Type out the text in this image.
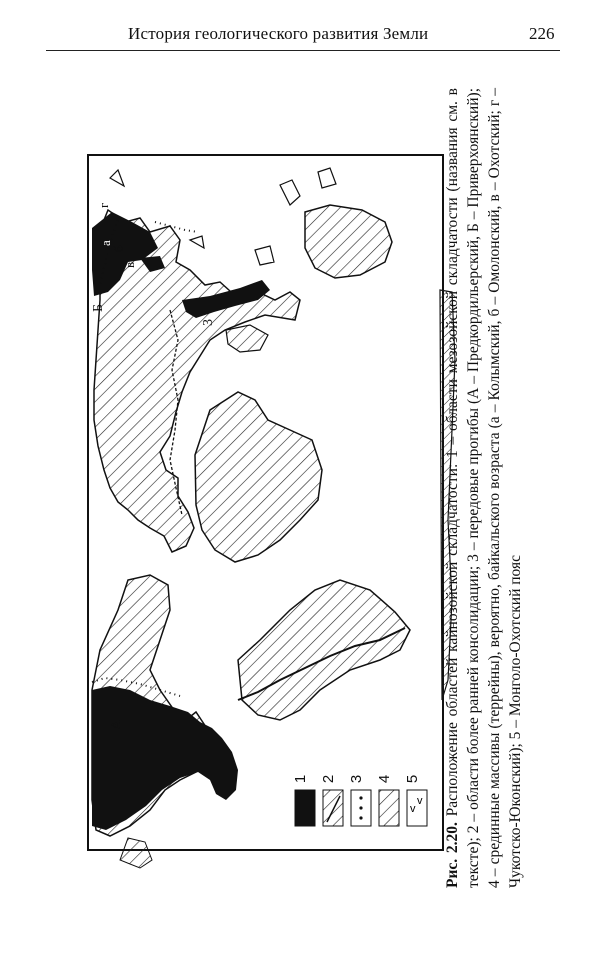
История геологического развития Земли	226
v
v
1 2 3 4 5
а
б
в
г
Б
3
А
Рис. 2.20. Расположение областей кайнозойской складчатости: 1 – области мезозойской складчатости (названия см. в тексте); 2 – области более ранней консолидации; 3 – передовые прогибы (А – Предкордильерский, Б – Приверхоянский); 4 – срединные массивы (террейны), вероятно, байкальского возраста (а – Колымский, б – Омолонский, в – Охотский; г – Чукотско-Юконский); 5 – Монголо-Охотский пояс
